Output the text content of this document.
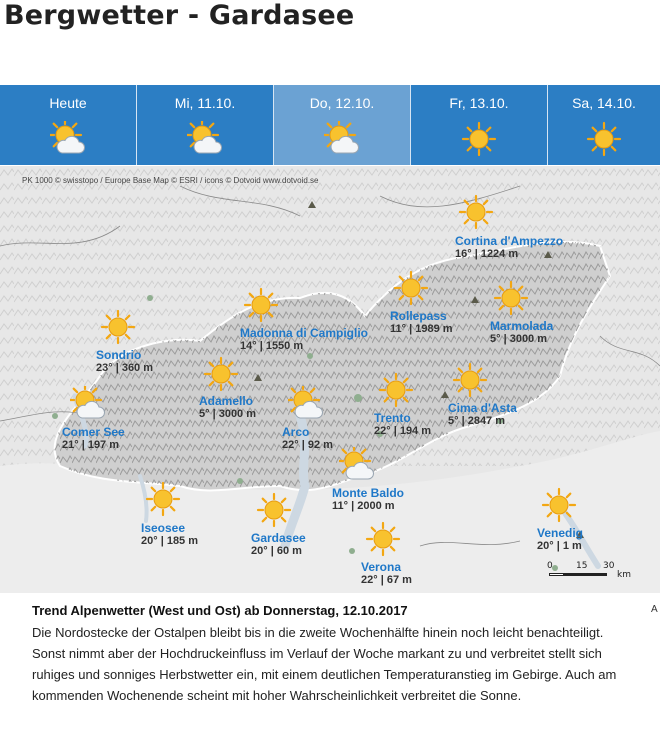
Bergwetter - Gardasee
Heute	Mi, 11.10.	Do, 12.10.	Fr, 13.10.	Sa, 14.10.
PK 1000 © swisstopo / Europe Base Map © ESRI / icons © Dotvoid www.dotvoid.se
Cortina d'Ampezzo
16° | 1224 m
Rollepass
11° | 1989 m	Marmolada
5° | 3000 m
Madonna di Campiglio
14° | 1550 m
Sondrio
23° | 360 m
Adamello
5° | 3000 m	Trento
22° | 194 m
Cima d'Asta
5° | 2847 m
Comer See
21° | 197 m
Arco
22° | 92 m
Monte Baldo
11° | 2000 m
Iseosee
20° | 185 m	Gardasee
20° | 60 m
Verona
22° | 67 m
Venedig
20° | 1 m
0	15 30
km

Trend Alpenwetter (West und Ost) ab Donnerstag, 12.10.2017

Die Nordostecke der Ostalpen bleibt bis in die zweite Wochenhälfte hinein noch leicht benachteiligt. Sonst nimmt aber der Hochdruckeinfluss im Verlauf der Woche markant zu und verbreitet stellt sich ruhiges und sonniges Herbstwetter ein, mit einem deutlichen Temperaturanstieg im Gebirge. Auch am kommenden Wochenende scheint mit hoher Wahrscheinlichkeit verbreitet die Sonne.

A
